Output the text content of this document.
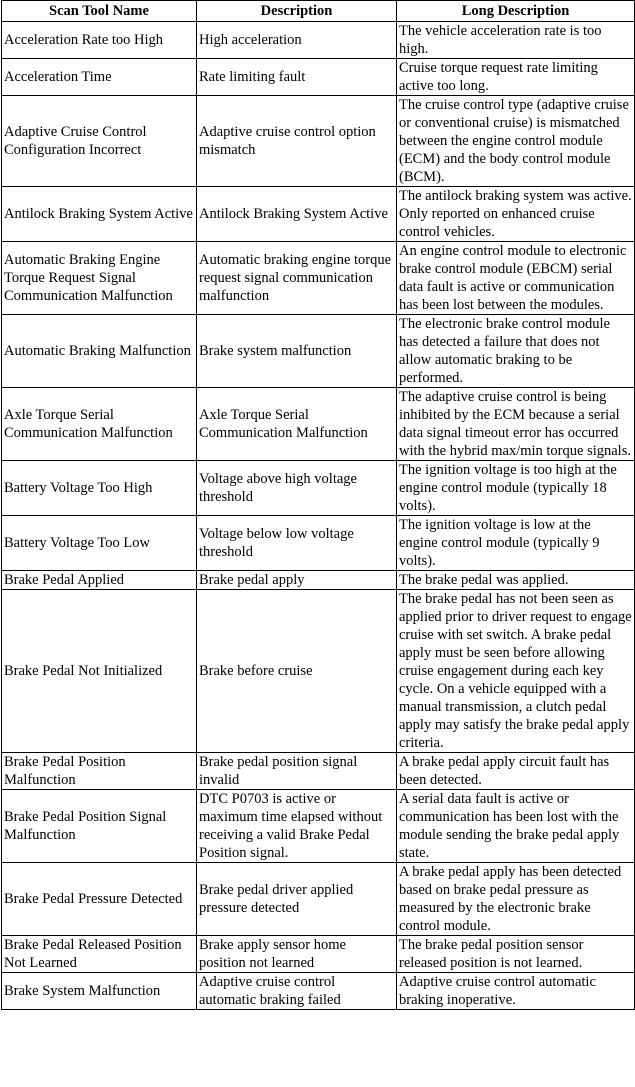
Scan Tool Name	Description	Long Description
Acceleration Rate too High	High acceleration	The vehicle acceleration rate is too high.
Acceleration Time	Rate limiting fault	Cruise torque request rate limiting active too long.
Adaptive Cruise Control Configuration Incorrect	Adaptive cruise control option mismatch	The cruise control type (adaptive cruise or conventional cruise) is mismatched between the engine control module (ECM) and the body control module (BCM).
Antilock Braking System Active	Antilock Braking System Active	The antilock braking system was active. Only reported on enhanced cruise control vehicles.
Automatic Braking Engine Torque Request Signal Communication Malfunction	Automatic braking engine torque request signal communication malfunction	An engine control module to electronic brake control module (EBCM) serial data fault is active or communication has been lost between the modules.
Automatic Braking Malfunction	Brake system malfunction	The electronic brake control module has detected a failure that does not allow automatic braking to be performed.
Axle Torque Serial Communication Malfunction	Axle Torque Serial Communication Malfunction	The adaptive cruise control is being inhibited by the ECM because a serial data signal timeout error has occurred with the hybrid max/min torque signals.
Battery Voltage Too High	Voltage above high voltage threshold	The ignition voltage is too high at the engine control module (typically 18 volts).
Battery Voltage Too Low	Voltage below low voltage threshold	The ignition voltage is low at the engine control module (typically 9 volts).
Brake Pedal Applied	Brake pedal apply	The brake pedal was applied.
Brake Pedal Not Initialized	Brake before cruise	The brake pedal has not been seen as applied prior to driver request to engage cruise with set switch. A brake pedal apply must be seen before allowing cruise engagement during each key cycle. On a vehicle equipped with a manual transmission, a clutch pedal apply may satisfy the brake pedal apply criteria.
Brake Pedal Position Malfunction	Brake pedal position signal invalid	A brake pedal apply circuit fault has been detected.
Brake Pedal Position Signal Malfunction	DTC P0703 is active or maximum time elapsed without receiving a valid Brake Pedal Position signal.	A serial data fault is active or communication has been lost with the module sending the brake pedal apply state.
Brake Pedal Pressure Detected	Brake pedal driver applied pressure detected	A brake pedal apply has been detected based on brake pedal pressure as measured by the electronic brake control module.
Brake Pedal Released Position Not Learned	Brake apply sensor home position not learned	The brake pedal position sensor released position is not learned.
Brake System Malfunction	Adaptive cruise control automatic braking failed	Adaptive cruise control automatic braking inoperative.
